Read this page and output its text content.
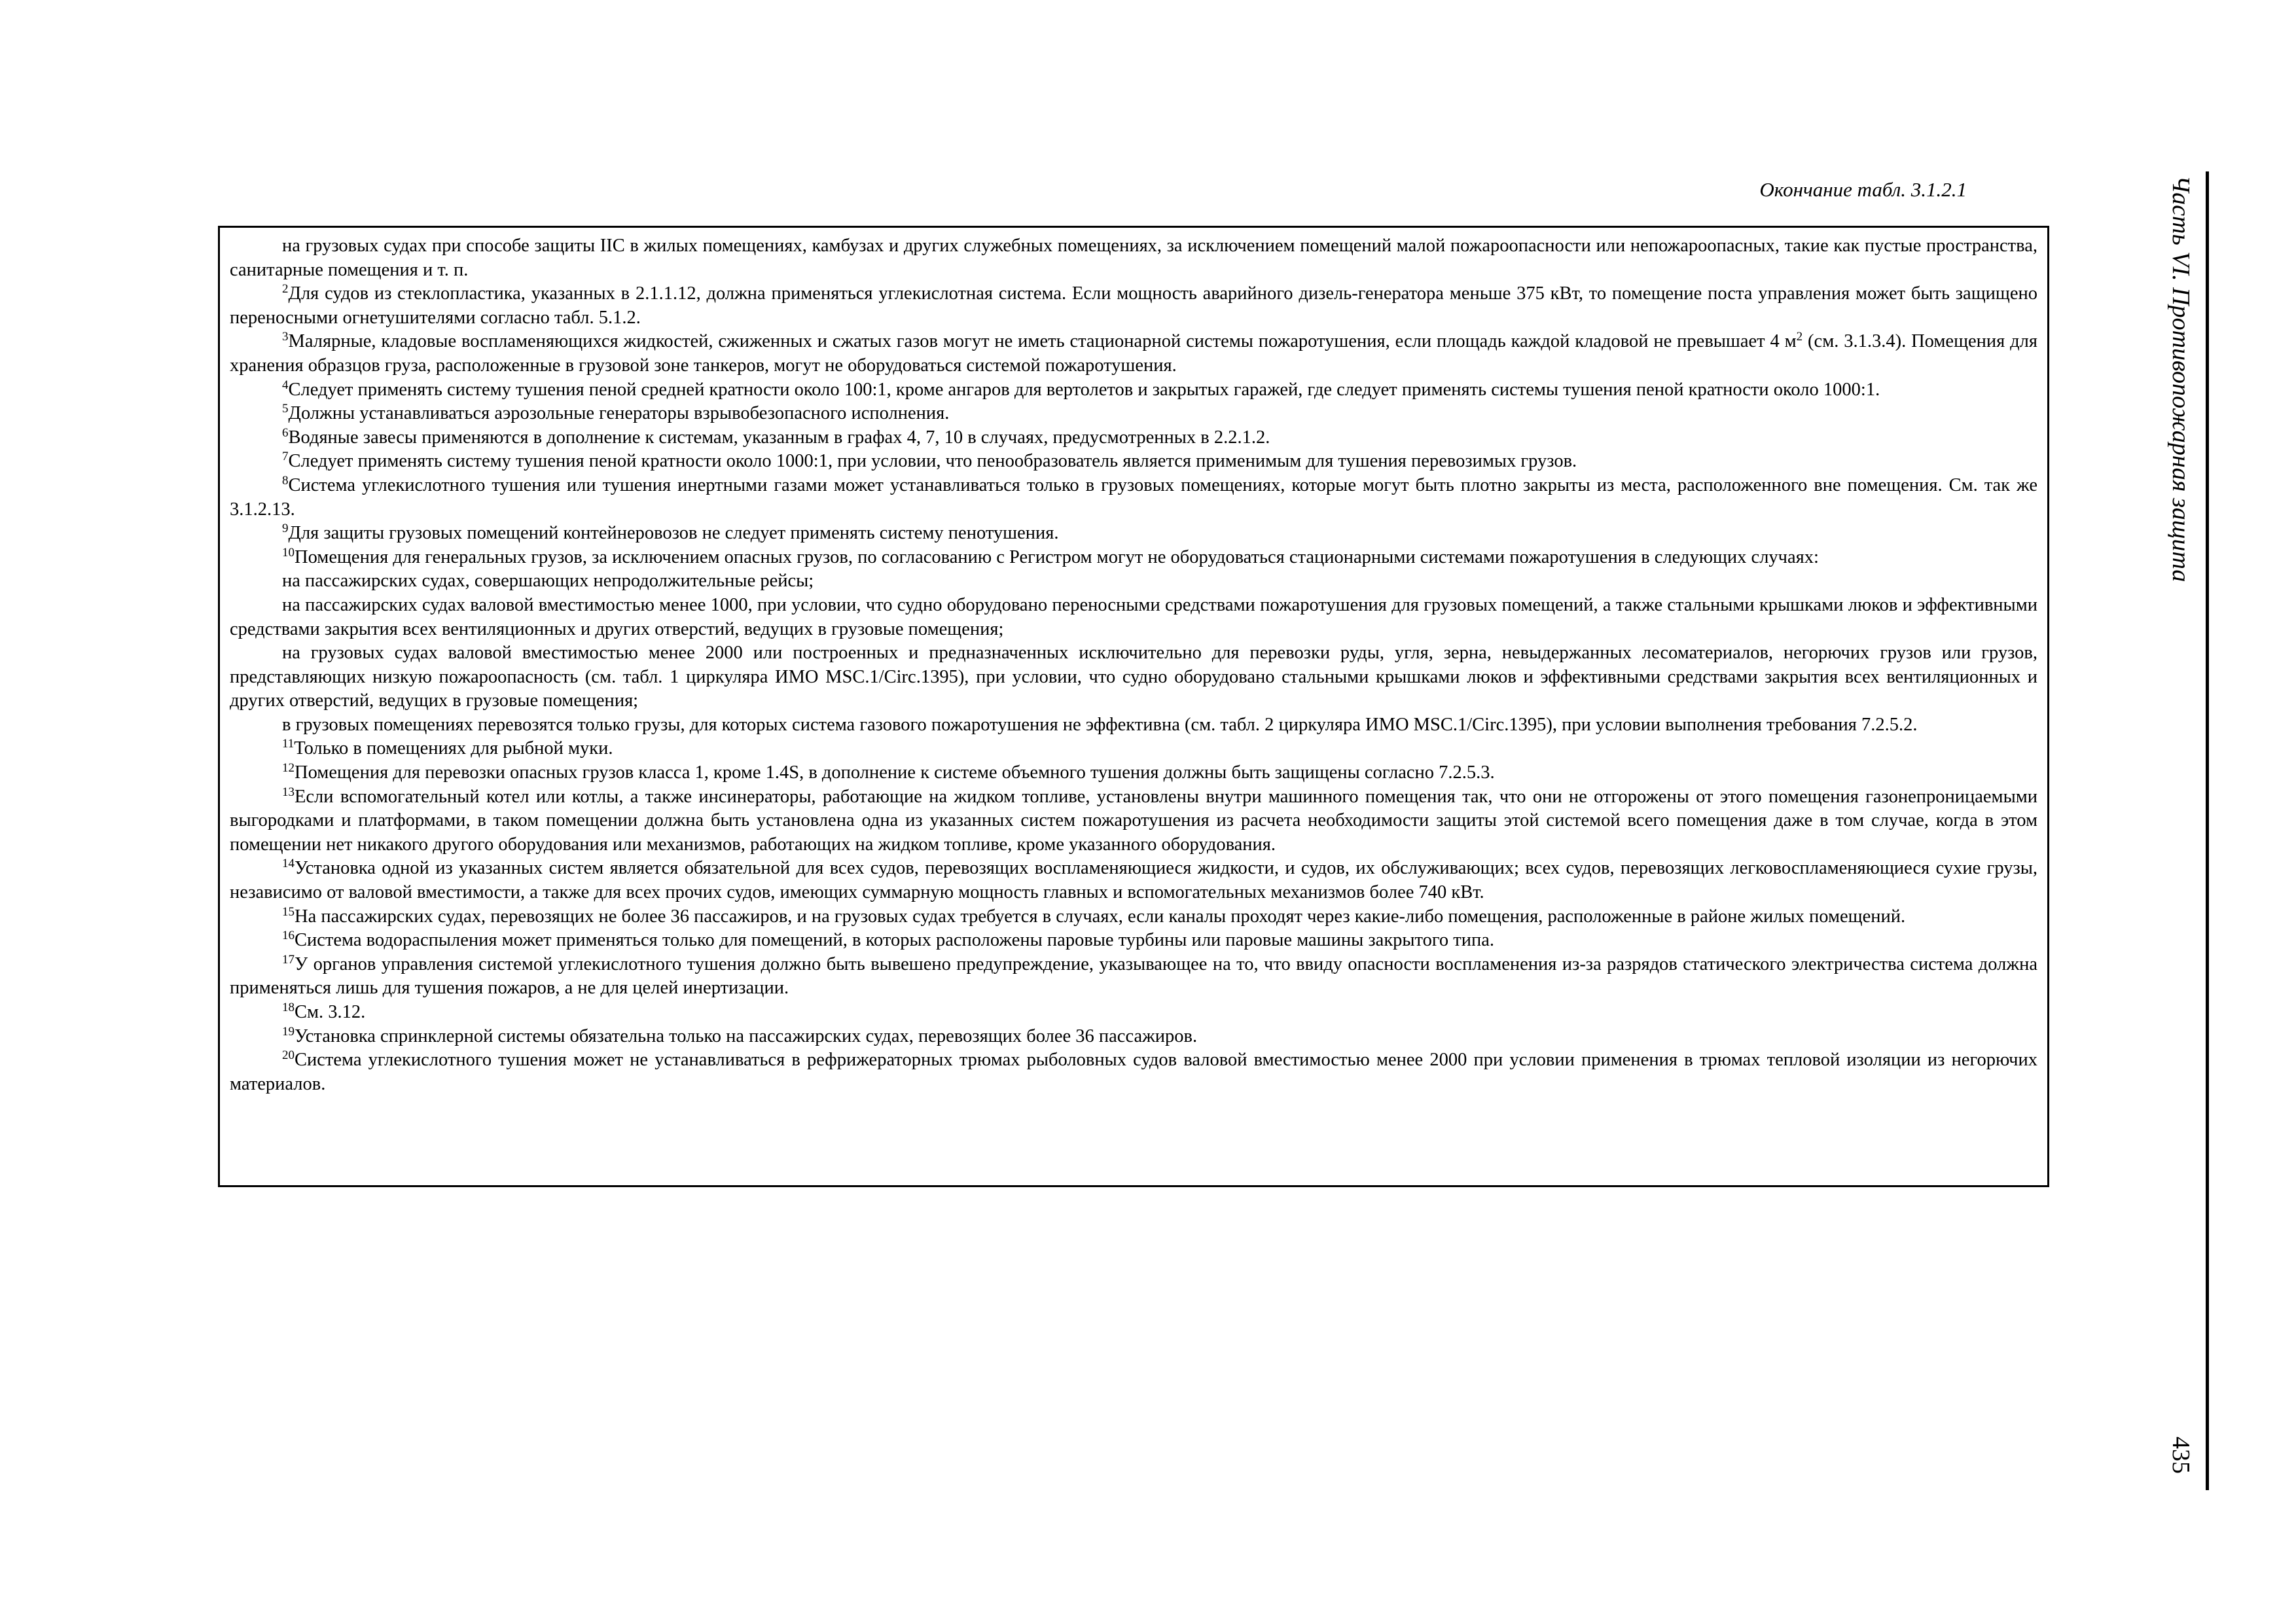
Окончание табл. 3.1.2.1

на грузовых судах при способе защиты IIC в жилых помещениях, камбузах и других служебных помещениях, за исключением помещений малой пожароопасности или непожароопасных, такие как пустые пространства, санитарные помещения и т. п.

$^2$Для судов из стеклопластика, указанных в 2.1.1.12, должна применяться углекислотная система. Если мощность аварийного дизель-генератора меньше 375 кВт, то помещение поста управления может быть защищено переносными огнетушителями согласно табл. 5.1.2.

$^3$Малярные, кладовые воспламеняющихся жидкостей, сжиженных и сжатых газов могут не иметь стационарной системы пожаротушения, если площадь каждой кладовой не превышает 4 $м^2$ (см. 3.1.3.4). Помещения для хранения образцов груза, расположенные в грузовой зоне танкеров, могут не оборудоваться системой пожаротушения.

$^4$Следует применять систему тушения пеной средней кратности около 100:1, кроме ангаров для вертолетов и закрытых гаражей, где следует применять системы тушения пеной кратности около 1000:1.

$^5$Должны устанавливаться аэрозольные генераторы взрывобезопасного исполнения.

$^6$Водяные завесы применяются в дополнение к системам, указанным в графах 4, 7, 10 в случаях, предусмотренных в 2.2.1.2.

$^7$Следует применять систему тушения пеной кратности около 1000:1, при условии, что пенообразователь является применимым для тушения перевозимых грузов.

$^8$Система углекислотного тушения или тушения инертными газами может устанавливаться только в грузовых помещениях, которые могут быть плотно закрыты из места, расположенного вне помещения. См. так же 3.1.2.13.

$^9$Для защиты грузовых помещений контейнеровозов не следует применять систему пенотушения.

$^{10}$Помещения для генеральных грузов, за исключением опасных грузов, по согласованию с Регистром могут не оборудоваться стационарными системами пожаротушения в следующих случаях:

на пассажирских судах, совершающих непродолжительные рейсы;

на пассажирских судах валовой вместимостью менее 1000, при условии, что судно оборудовано переносными средствами пожаротушения для грузовых помещений, а также стальными крышками люков и эффективными средствами закрытия всех вентиляционных и других отверстий, ведущих в грузовые помещения;

на грузовых судах валовой вместимостью менее 2000 или построенных и предназначенных исключительно для перевозки руды, угля, зерна, невыдержанных лесоматериалов, негорючих грузов или грузов, представляющих низкую пожароопасность (см. табл. 1 циркуляра ИМО MSC.1/Circ.1395), при условии, что судно оборудовано стальными крышками люков и эффективными средствами закрытия всех вентиляционных и других отверстий, ведущих в грузовые помещения;

в грузовых помещениях перевозятся только грузы, для которых система газового пожаротушения не эффективна (см. табл. 2 циркуляра ИМО MSC.1/Circ.1395), при условии выполнения требования 7.2.5.2.

$^{11}$Только в помещениях для рыбной муки.

$^{12}$Помещения для перевозки опасных грузов класса 1, кроме 1.4S, в дополнение к системе объемного тушения должны быть защищены согласно 7.2.5.3.

$^{13}$Если вспомогательный котел или котлы, а также инсинераторы, работающие на жидком топливе, установлены внутри машинного помещения так, что они не отгорожены от этого помещения газонепроницаемыми выгородками и платформами, в таком помещении должна быть установлена одна из указанных систем пожаротушения из расчета необходимости защиты этой системой всего помещения даже в том случае, когда в этом помещении нет никакого другого оборудования или механизмов, работающих на жидком топливе, кроме указанного оборудования.

$^{14}$Установка одной из указанных систем является обязательной для всех судов, перевозящих воспламеняющиеся жидкости, и судов, их обслуживающих; всех судов, перевозящих легковоспламеняющиеся сухие грузы, независимо от валовой вместимости, а также для всех прочих судов, имеющих суммарную мощность главных и вспомогательных механизмов более 740 кВт.

$^{15}$На пассажирских судах, перевозящих не более 36 пассажиров, и на грузовых судах требуется в случаях, если каналы проходят через какие-либо помещения, расположенные в районе жилых помещений.

$^{16}$Система водораспыления может применяться только для помещений, в которых расположены паровые турбины или паровые машины закрытого типа.

$^{17}$У органов управления системой углекислотного тушения должно быть вывешено предупреждение, указывающее на то, что ввиду опасности воспламенения из-за разрядов статического электричества система должна применяться лишь для тушения пожаров, а не для целей инертизации.

$^{18}$См. 3.12.

$^{19}$Установка спринклерной системы обязательна только на пассажирских судах, перевозящих более 36 пассажиров.

$^{20}$Система углекислотного тушения может не устанавливаться в рефрижераторных трюмах рыболовных судов валовой вместимостью менее 2000 при условии применения в трюмах тепловой изоляции из негорючих материалов.

Часть VI. Противопожарная защита
435
